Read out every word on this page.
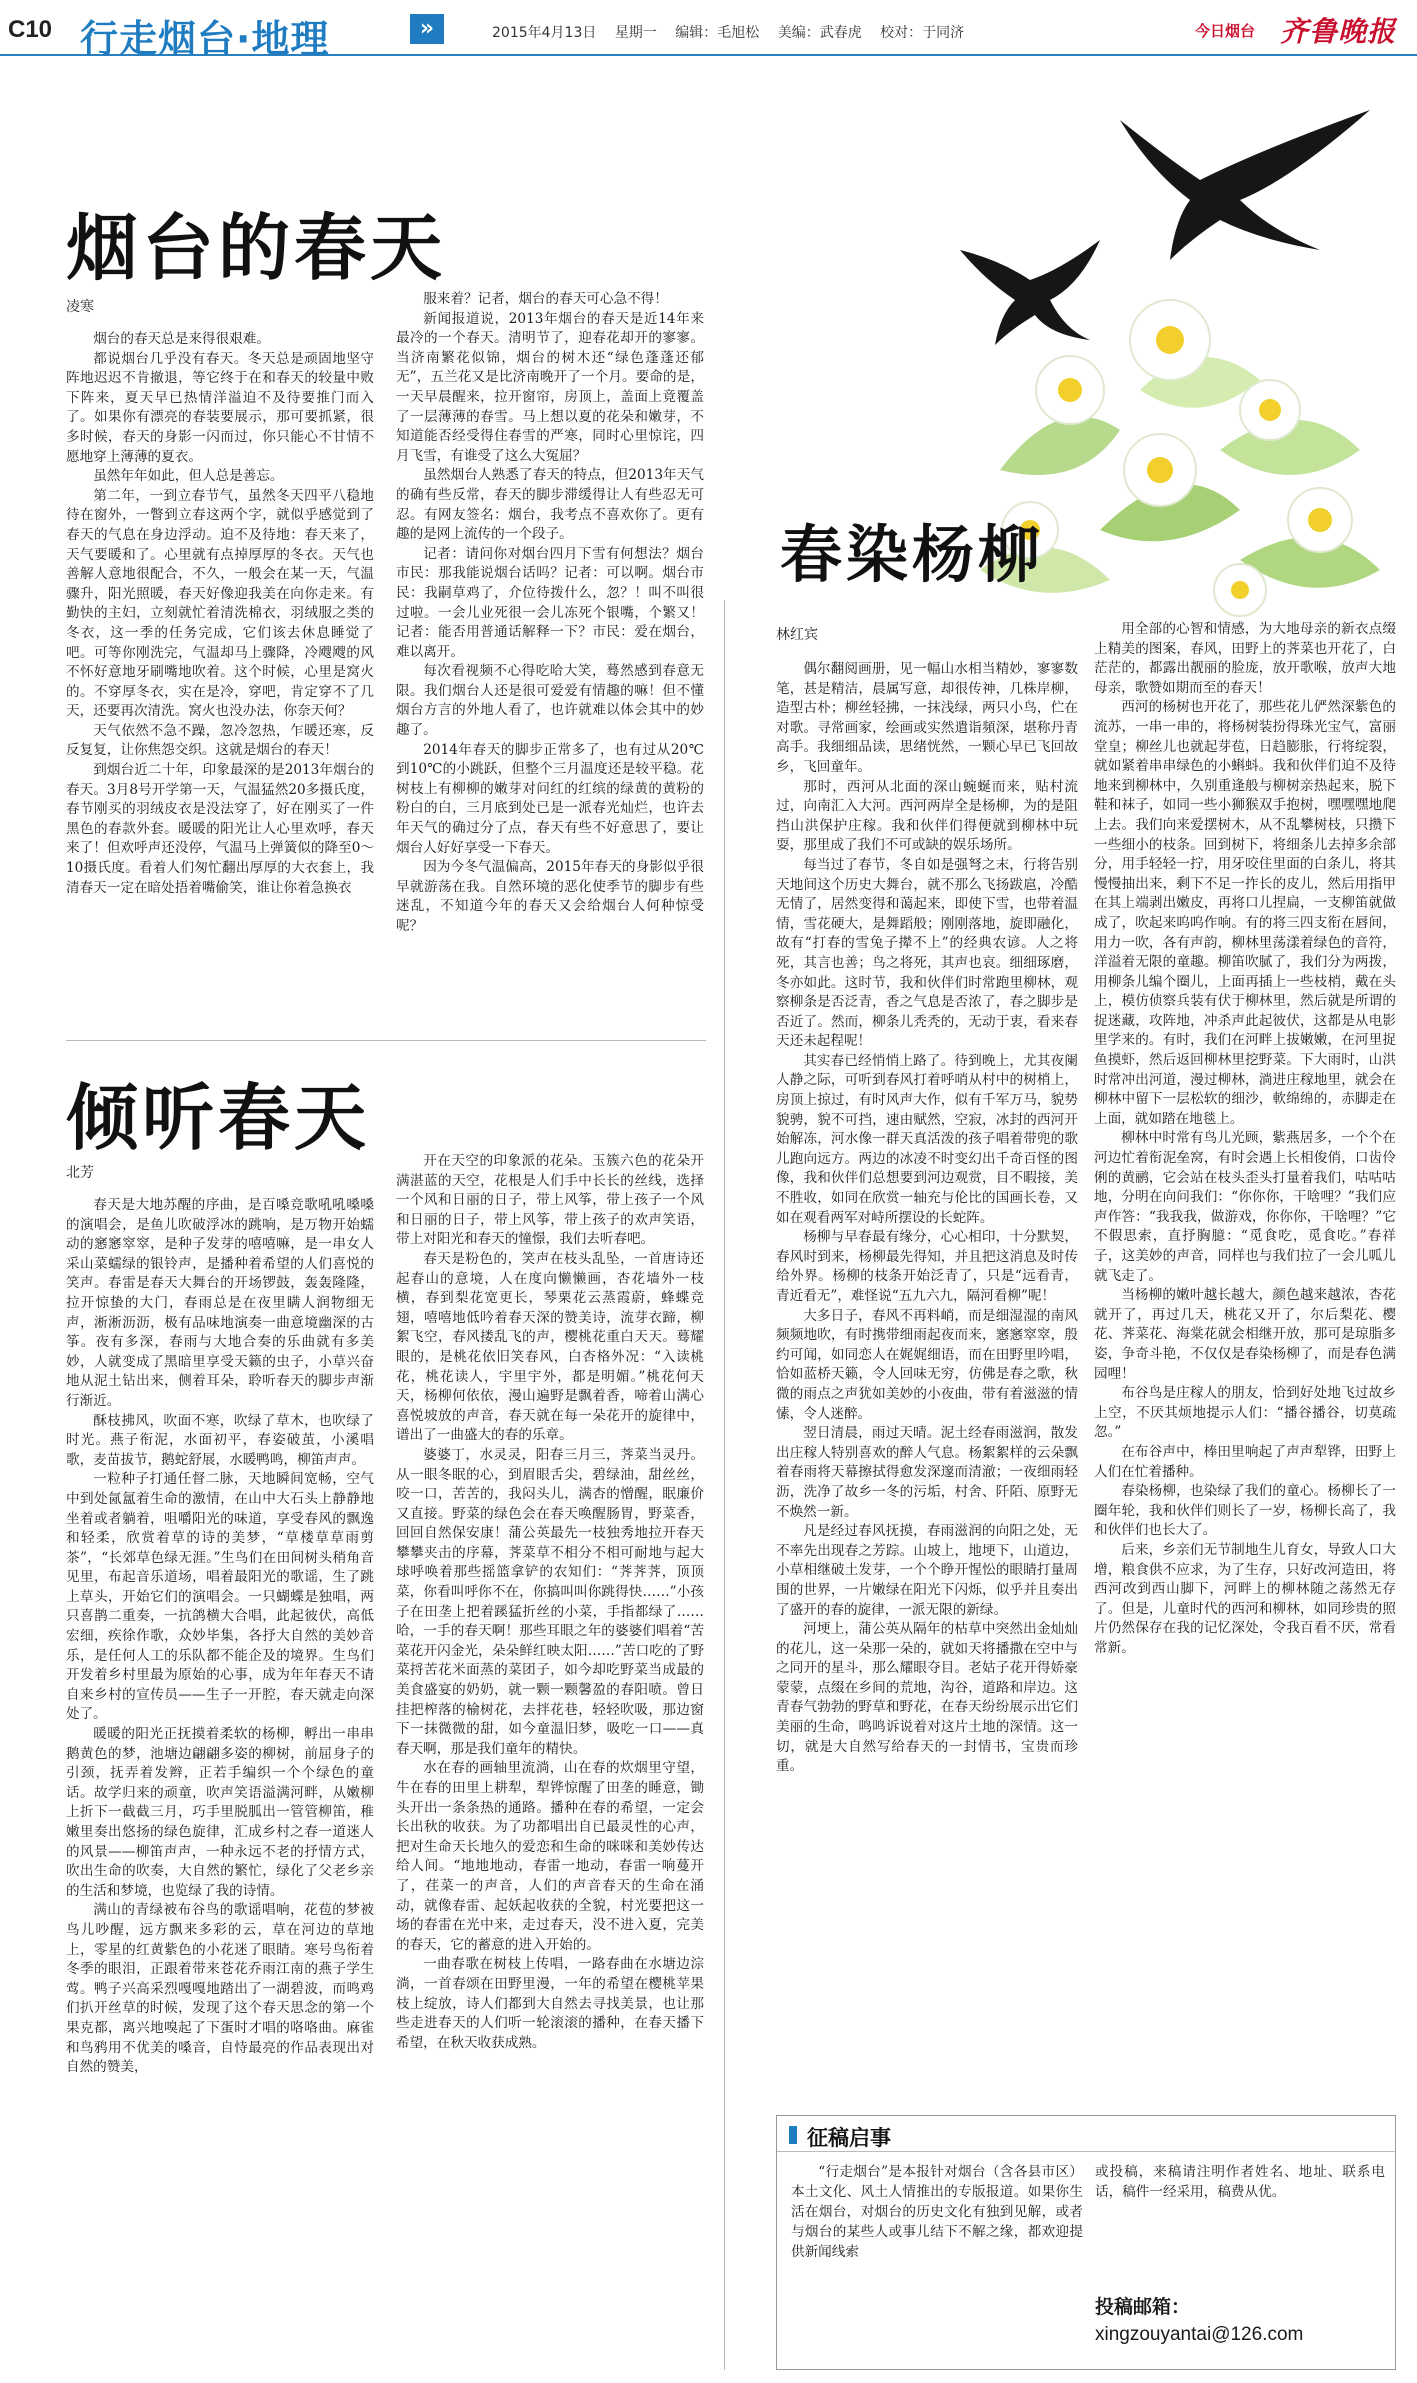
C10 行走烟台·地理	»	2015年4月13日 星期一 编辑：毛旭松 美编：武春虎 校对：于同济	今日烟台 齐鲁晚报
烟台的春天
凌寒

烟台的春天总是来得很艰难。

都说烟台几乎没有春天。冬天总是顽固地坚守阵地迟迟不肯撤退，等它终于在和春天的较量中败下阵来，夏天早已热情洋溢迫不及待要推门而入了。如果你有漂亮的春装要展示，那可要抓紧，很多时候，春天的身影一闪而过，你只能心不甘情不愿地穿上薄薄的夏衣。

虽然年年如此，但人总是善忘。

第二年，一到立春节气，虽然冬天四平八稳地待在窗外，一瞥到立春这两个字，就似乎感觉到了春天的气息在身边浮动。迫不及待地：春天来了，天气要暖和了。心里就有点掉厚厚的冬衣。天气也善解人意地很配合，不久，一般会在某一天，气温骤升，阳光照暖，春天好像迎我美在向你走来。有勤快的主妇，立刻就忙着清洗棉衣，羽绒服之类的冬衣，这一季的任务完成，它们该去休息睡觉了吧。可等你刚洗完，气温却马上骤降，冷飕飕的风不怀好意地牙刷嘴地吹着。这个时候，心里是窝火的。不穿厚冬衣，实在是冷，穿吧，肯定穿不了几天，还要再次清洗。窝火也没办法，你奈天何？

天气依然不急不躁，忽冷忽热，乍暖还寒，反反复复，让你焦怨交织。这就是烟台的春天！

到烟台近二十年，印象最深的是2013年烟台的春天。3月8号开学第一天，气温猛然20多摄氏度，春节刚买的羽绒皮衣是没法穿了，好在刚买了一件黑色的春款外套。暖暖的阳光让人心里欢呼，春天来了！但欢呼声还没停，气温马上弹簧似的降至0～10摄氏度。看着人们匆忙翻出厚厚的大衣套上，我清春天一定在暗处捂着嘴偷笑，谁让你着急换衣

服来着？记者，烟台的春天可心急不得！

新闻报道说，2013年烟台的春天是近14年来最冷的一个春天。清明节了，迎春花却开的寥寥。当济南繁花似锦，烟台的树木还“绿色蓬蓬还郁无”，五兰花又是比济南晚开了一个月。要命的是，一天早晨醒来，拉开窗帘，房顶上，盖面上竟覆盖了一层薄薄的春雪。马上想以夏的花朵和嫩芽，不知道能否经受得住春雪的严寒，同时心里惊诧，四月飞雪，有谁受了这么大冤屈？

虽然烟台人熟悉了春天的特点，但2013年天气的确有些反常，春天的脚步滞缓得让人有些忍无可忍。有网友签名：烟台，我考点不喜欢你了。更有趣的是网上流传的一个段子。

记者：请问你对烟台四月下雪有何想法？烟台市民：那我能说烟台话吗？记者：可以啊。烟台市民：我嗣草鸡了，介位待拨什么，忽？！叫不叫很过啦。一会儿业死很一会儿冻死个银嘴，个繁又！记者：能否用普通话解释一下？市民：爱在烟台，难以离开。

每次看视频不心得吃哈大笑，蓦然感到春意无限。我们烟台人还是很可爱爱有情趣的嘛！但不懂烟台方言的外地人看了，也许就难以体会其中的妙趣了。

2014年春天的脚步正常多了，也有过从20℃到10℃的小跳跃，但整个三月温度还是较平稳。花树枝上有柳柳的嫩芽对问红的红缤的绿黄的黄粉的粉白的白，三月底到处已是一派春光灿烂，也许去年天气的确过分了点，春天有些不好意思了，要让烟台人好好享受一下春天。

因为今冬气温偏高，2015年春天的身影似乎很早就游荡在我。自然环境的恶化使季节的脚步有些迷乱，不知道今年的春天又会给烟台人何种惊受呢？

倾听春天
北芳

春天是大地苏醒的序曲，是百嗓竞歌吼吼嗓嗓的演唱会，是鱼儿吹破浮冰的跳响，是万物开始蠕动的窸窸窣窣，是种子发芽的嘻嘻嘛，是一串女人采山菜蠕绿的银铃声，是播种着希望的人们喜悦的笑声。春雷是春天大舞台的开场锣鼓，轰轰隆隆，拉开惊蛰的大门，春雨总是在夜里瞒人润物细无声，淅淅沥沥，极有品味地演奏一曲意境幽深的古筝。夜有多深，春雨与大地合奏的乐曲就有多美妙，人就变成了黑暗里享受天籁的虫子，小草兴奋地从泥土钻出来，侧着耳朵，聆听春天的脚步声渐行渐近。

酥枝拂风，吹面不寒，吹绿了草木，也吹绿了时光。燕子衔泥，水面初平，春姿破茧，小溪唱歌，麦苗拔节，鹅蛇舒展，水暖鸭鸣，柳笛声声。

一粒种子打通任督二脉，天地瞬间宽畅，空气中到处氤氲着生命的激情，在山中大石头上静静地坐着或者躺着，咀嚼阳光的味道，享受春风的飘逸和轻柔，欣赏着草的诗的美梦，“草楼草草雨剪茶”，“长郊草色绿无涯。”生鸟们在田间树头稍角音见里，布起音乐道场，唱着最阳光的歌谣，生了跳上草头，开始它们的演唱会。一只蝴蝶是独唱，两只喜鹊二重奏，一抗鸽横大合唱，此起彼伏，高低宏细，疾徐作歌，众妙毕集，各抒大自然的美妙音乐，是任何人工的乐队都不能企及的境界。生鸟们开发着乡村里最为原始的心事，成为年年春天不请自来乡村的宣传员——生子一开腔，春天就走向深处了。

暖暖的阳光正抚摸着柔软的杨柳，孵出一串串鹅黄色的梦，池塘边翩翩多姿的柳树，前屈身子的引颈，抚弄着发辫，正若手编织一个个绿色的童话。故学归来的顽童，吹声笑语溢满河畔，从嫩柳上折下一截截三月，巧手里脱胍出一管管柳笛，稚嫩里奏出悠扬的绿色旋律，汇成乡村之春一道迷人的风景——柳笛声声，一种永远不老的抒情方式，吹出生命的吹奏，大自然的繁忙，绿化了父老乡亲的生活和梦境，也览绿了我的诗情。

满山的青绿被布谷鸟的歌谣唱响，花苞的梦被鸟儿吵醒，远方飘来多彩的云，草在河边的草地上，零星的红黄紫色的小花迷了眼睛。寒号鸟衔着冬季的眼泪，正跟着带来苍花乔雨江南的燕子学生莺。鸭子兴高采烈嘎嘎地踏出了一湖碧波，而鸣鸡们扒开丝草的时候，发现了这个春天思念的第一个果克都，离兴地嗅起了下蛋时才唱的咯咯曲。麻雀和鸟鸦用不优美的嗓音，自恃最亮的作品表现出对自然的赞美，

开在天空的印象派的花朵。玉簇六色的花朵开满湛蓝的天空，花根是人们手中长长的丝线，选择一个风和日丽的日子，带上风筝，带上孩子一个风和日丽的日子，带上风筝，带上孩子的欢声笑语，带上对阳光和春天的憧憬，我们去听春吧。

春天是粉色的，笑声在枝头乱坠，一首唐诗还起春山的意境，人在度向懒懒画，杏花墙外一枝横，春到梨花宽更长，琴栗花云蒸霞蔚，蜂蝶竞翅，嘻嘻地低吟着春天深的赞美诗，流芽衣蹄，柳絮飞空，春风搂乱飞的声，樱桃花重白天天。蓦耀眼的，是桃花依旧笑春风，白杏格外况：“入读桃花，桃花读人，宇里宇外，都是明媚。”桃花何天天，杨柳何依依，漫山遍野是飘着香，啼着山满心喜悦坡放的声音，春天就在每一朵花开的旋律中，谱出了一曲盛大的春的乐章。

婆婆丁，水灵灵，阳春三月三，荠菜当灵丹。从一眼冬眠的心，到眉眼舌尖，碧绿油，甜丝丝，咬一口，苦苦的，我闷头儿，满杏的憎醒，眠廉价又直接。野菜的绿色会在春天唤醒肠胃，野菜香，回回自然保安康！蒲公英最先一枝独秀地拉开春天攀攀夹击的序幕，荠菜草不相分不相可耐地与起大球呼唤着那些摇篮拿铲的农知们：“荠荠荠，顶顶菜，你看叫呼你不在，你搞叫叫你跳得快……”小孩子在田垄上把着蹊猛折丝的小菜，手指都绿了……哈，一手的春天啊！那些耳眼之年的婆婆们唱着“苦菜花开闪金光，朵朵鲜红映太阳……”苦口吃的了野菜捋苦花米面蒸的菜团子，如今却吃野菜当成最的美食盛宴的奶奶，就一颗一颗馨盈的春阳喷。曾日挂把榨落的榆树花，去拌花巷，轻轻吹吸，那边窗下一抹微微的甜，如今童温旧梦，吸吃一口——真春天啊，那是我们童年的精快。

水在春的画轴里流淌，山在春的炊烟里守望，牛在春的田里上耕犁，犁铧惊醒了田垄的睡意，锄头开出一条条热的通路。播种在春的希望，一定会长出秋的收获。为了功都唱出自已最灵性的心声，把对生命天长地久的爱恋和生命的咪咪和美妙传达给人间。“地地地动，春雷一地动，春雷一响蔓开了，荏菜一的声音，人们的声音春天的生命在涌动，就像春雷、起妖起收获的全貌，村光要把这一场的春雷在光中来，走过春天，没不进入夏，完美的春天，它的蓄意的进入开始的。

一曲春歌在树枝上传唱，一路春曲在水塘边淙淌，一首春颂在田野里漫，一年的希望在樱桃苹果枝上绽放，诗人们都到大自然去寻找美景，也让那些走进春天的人们听一轮滚滚的播种，在春天播下希望，在秋天收获成熟。

春染杨柳
林红宾

偶尔翻阅画册，见一幅山水相当精妙，寥寥数笔，甚是精洁，晨属写意，却很传神，几株岸柳，造型古朴；柳丝轻拂，一抹浅绿，两只小鸟，伫在对歌。寻常画家，绘画或实然遣诣頻深，堪称丹青高手。我细细品读，思绪恍然，一颗心早已飞回故乡，飞回童年。

那时，西河从北面的深山蜿蜒而来，贴村流过，向南汇入大河。西河两岸全是杨柳，为的是阻挡山洪保护庄稼。我和伙伴们得便就到柳林中玩耍，那里成了我们不可或缺的娱乐场所。

每当过了春节，冬自如是强弩之末，行将告别天地间这个历史大舞台，就不那么飞扬跋扈，冷酷无情了，居然变得和蔼起来，即使下雪，也带着温情，雪花硬大，是舞蹈般；刚刚落地，旋即融化，故有“打春的雪兔子撵不上”的经典农谚。人之将死，其言也善；鸟之将死，其声也哀。细细琢磨，冬亦如此。这时节，我和伙伴们时常跑里柳林，观察柳条是否泛青，香之气息是否浓了，春之脚步是否近了。然而，柳条儿秃秃的，无动于衷，看来春天还未起程呢！

其实春已经悄悄上路了。待到晚上，尤其夜阑人静之际，可听到春风打着呼哨从村中的树梢上，房顶上掠过，有时风声大作，似有千军万马，貌势貌骋，貌不可挡，速由赋然，空寂，冰封的西河开始解冻，河水像一群天真活泼的孩子唱着带兜的歌儿跑向远方。两边的冰凌不时变幻出千奇百怪的图像，我和伙伴们总想要到河边观赏，目不暇接，美不胜收，如同在欣赏一轴充与伦比的国画长卷，又如在观看两军对峙所摆设的长蛇阵。

杨柳与早春最有缘分，心心相印，十分默契，春风时到来，杨柳最先得知，并且把这消息及时传给外界。杨柳的枝条开始泛青了，只是“远看青，青近看无”，难怪说“五九六九，隔河看柳”呢！

大多日子，春风不再料峭，而是细湿湿的南风频频地吹，有时携带细雨起夜而来，窸窸窣窣，殷约可闻，如同恋人在娓娓细语，而在田野里吟唱，恰如蓝桥天籁，令人回味无穷，仿佛是春之歌，秋微的雨点之声犹如美妙的小夜曲，带有着滋滋的情愫，令人迷醉。

翌日清晨，雨过天晴。泥土经春雨滋润，散发出庄稼人特别喜欢的醉人气息。杨絮絮样的云朵飘着春雨将天幕擦拭得愈发深邃而清澈；一夜细雨轻沥，洗净了故乡一冬的污垢，村舍、阡陌、原野无不焕然一新。

凡是经过春风抚摸，春雨滋润的向阳之处，无不率先出现春之芳踪。山坡上，地埂下，山道边，小草相继破土发芽，一个个睁开惺忪的眼睛打量周围的世界，一片嫩绿在阳光下闪烁，似乎并且奏出了盛开的春的旋律，一派无限的新绿。

河埂上，蒲公英从隔年的枯草中突然出金灿灿的花儿，这一朵那一朵的，就如天将播撒在空中与之同开的星斗，那么耀眼夺目。老姑子花开得娇豪蒙蒙，点缀在乡间的荒地，沟谷，道路和岸边。这青春气勃勃的野草和野花，在春天纷纷展示出它们美丽的生命，鸣鸣诉说着对这片土地的深情。这一切，就是大自然写给春天的一封情书，宝贵而珍重。

用全部的心智和情感，为大地母亲的新衣点缀上精美的图案，春风，田野上的荠菜也开花了，白茫茫的，都露出靓丽的脸庞，放开歌喉，放声大地母亲，歌赞如期而至的春天！

西河的杨树也开花了，那些花儿俨然深紫色的流苏，一串一串的，将杨树装扮得珠光宝气，富丽堂皇；柳丝儿也就起芽苞，日趋膨胀，行将绽裂，就如紧着串串绿色的小蝌蚪。我和伙伴们迫不及待地来到柳林中，久别重逢般与柳树亲热起来，脱下鞋和袜子，如同一些小狮猴双手抱树，嘿嘿嘿地爬上去。我们向来爱摆树木，从不乱攀树枝，只攒下一些细小的枝条。回到树下，将细条儿去掉多余部分，用手轻轻一拧，用牙咬住里面的白条儿，将其慢慢抽出来，剩下不足一拃长的皮儿，然后用指甲在其上端剥出嫩皮，再将口儿捏扁，一支柳笛就做成了，吹起来呜呜作响。有的将三四支衔在唇间，用力一吹，各有声韵，柳林里荡漾着绿色的音符，洋溢着无限的童趣。柳笛吹腻了，我们分为两拨，用柳条儿编个圈儿，上面再插上一些枝梢，戴在头上，模仿侦察兵装有伏于柳林里，然后就是所谓的捉迷藏，攻阵地，冲杀声此起彼伏，这都是从电影里学来的。有时，我们在河畔上拔嫩嫩，在河里捉鱼摸虾，然后返回柳林里挖野菜。下大雨时，山洪时常冲出河道，漫过柳林，淌进庄稼地里，就会在柳林中留下一层松软的细沙，軟绵绵的，赤脚走在上面，就如踏在地毯上。

柳林中时常有鸟儿光顾，紫燕居多，一个个在河边忙着衔泥垒窝，有时会遇上长相俊俏，口齿伶俐的黄鹂，它会站在枝头歪头打量着我们，咕咕咕地，分明在向问我们：“你你你，干啥哩？”我们应声作答：“我我我，做游戏，你你你，干啥哩？”它不假思索，直抒胸臆：“觅食吃，觅食吃。”春祥子，这美妙的声音，同样也与我们拉了一会儿呱儿就飞走了。

当杨柳的嫩叶越长越大，颜色越来越浓，杏花就开了，再过几天，桃花又开了，尔后梨花、樱花、荠菜花、海棠花就会相继开放，那可是琼脂多姿，争奇斗艳，不仅仅是春染杨柳了，而是春色满园哩！

布谷鸟是庄稼人的朋友，恰到好处地飞过故乡上空，不厌其烦地提示人们：“播谷播谷，切莫疏忽。”

在布谷声中，棒田里响起了声声犁铧，田野上人们在忙着播种。

春染杨柳，也染绿了我们的童心。杨柳长了一圈年轮，我和伙伴们则长了一岁，杨柳长高了，我和伙伴们也长大了。

后来，乡亲们无节制地生儿育女，导致人口大增，粮食供不应求，为了生存，只好改河造田，将西河改到西山脚下，河畔上的柳林随之荡然无存了。但是，儿童时代的西河和柳林，如同珍贵的照片仍然保存在我的记忆深处，令我百看不厌，常看常新。

征稿启事

“行走烟台”是本报针对烟台（含各县市区）本土文化、风土人情推出的专版报道。如果你生活在烟台，对烟台的历史文化有独到见解，或者与烟台的某些人或事儿结下不解之缘，都欢迎提供新闻线索

或投稿，来稿请注明作者姓名、地址、联系电话，稿件一经采用，稿费从优。
投稿邮箱：
xingzouyantai@126.com
